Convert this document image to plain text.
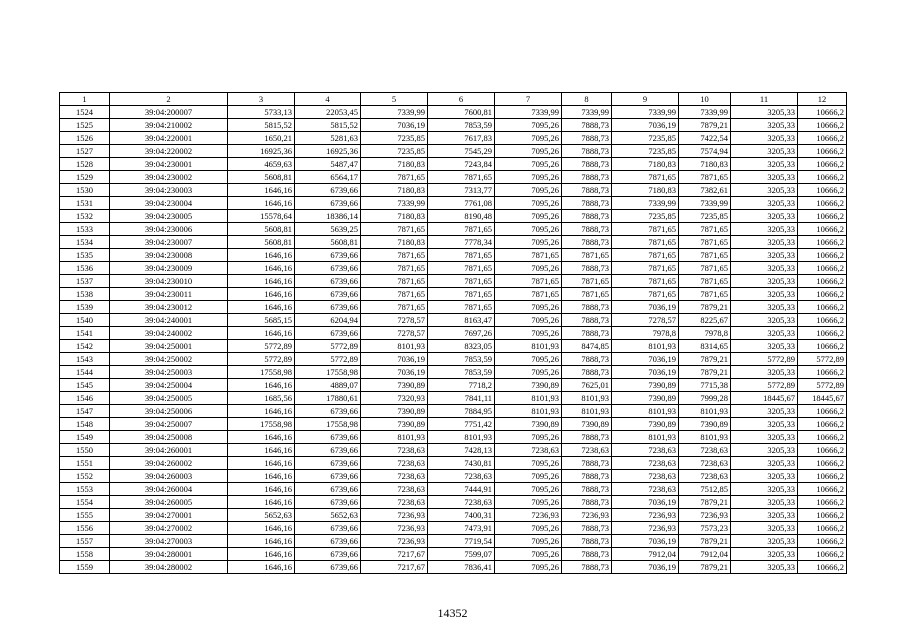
1	2	3	4	5	6	7	8	9	10	11	12
1524	39:04:200007	5733,13	22053,45	7339,99	7600,81	7339,99	7339,99	7339,99	7339,99	3205,33	10666,2
1525	39:04:210002	5815,52	5815,52	7036,19	7853,59	7095,26	7888,73	7036,19	7879,21	3205,33	10666,2
1526	39:04:220001	1650,21	5281,63	7235,85	7617,83	7095,26	7888,73	7235,85	7422,54	3205,33	10666,2
1527	39:04:220002	16925,36	16925,36	7235,85	7545,29	7095,26	7888,73	7235,85	7574,94	3205,33	10666,2
1528	39:04:230001	4659,63	5487,47	7180,83	7243,84	7095,26	7888,73	7180,83	7180,83	3205,33	10666,2
1529	39:04:230002	5608,81	6564,17	7871,65	7871,65	7095,26	7888,73	7871,65	7871,65	3205,33	10666,2
1530	39:04:230003	1646,16	6739,66	7180,83	7313,77	7095,26	7888,73	7180,83	7382,61	3205,33	10666,2
1531	39:04:230004	1646,16	6739,66	7339,99	7761,08	7095,26	7888,73	7339,99	7339,99	3205,33	10666,2
1532	39:04:230005	15578,64	18386,14	7180,83	8190,48	7095,26	7888,73	7235,85	7235,85	3205,33	10666,2
1533	39:04:230006	5608,81	5639,25	7871,65	7871,65	7095,26	7888,73	7871,65	7871,65	3205,33	10666,2
1534	39:04:230007	5608,81	5608,81	7180,83	7778,34	7095,26	7888,73	7871,65	7871,65	3205,33	10666,2
1535	39:04:230008	1646,16	6739,66	7871,65	7871,65	7871,65	7871,65	7871,65	7871,65	3205,33	10666,2
1536	39:04:230009	1646,16	6739,66	7871,65	7871,65	7095,26	7888,73	7871,65	7871,65	3205,33	10666,2
1537	39:04:230010	1646,16	6739,66	7871,65	7871,65	7871,65	7871,65	7871,65	7871,65	3205,33	10666,2
1538	39:04:230011	1646,16	6739,66	7871,65	7871,65	7871,65	7871,65	7871,65	7871,65	3205,33	10666,2
1539	39:04:230012	1646,16	6739,66	7871,65	7871,65	7095,26	7888,73	7036,19	7879,21	3205,33	10666,2
1540	39:04:240001	5685,15	6204,94	7278,57	8163,47	7095,26	7888,73	7278,57	8225,67	3205,33	10666,2
1541	39:04:240002	1646,16	6739,66	7278,57	7697,26	7095,26	7888,73	7978,8	7978,8	3205,33	10666,2
1542	39:04:250001	5772,89	5772,89	8101,93	8323,05	8101,93	8474,85	8101,93	8314,65	3205,33	10666,2
1543	39:04:250002	5772,89	5772,89	7036,19	7853,59	7095,26	7888,73	7036,19	7879,21	5772,89	5772,89
1544	39:04:250003	17558,98	17558,98	7036,19	7853,59	7095,26	7888,73	7036,19	7879,21	3205,33	10666,2
1545	39:04:250004	1646,16	4889,07	7390,89	7718,2	7390,89	7625,01	7390,89	7715,38	5772,89	5772,89
1546	39:04:250005	1685,56	17880,61	7320,93	7841,11	8101,93	8101,93	7390,89	7999,28	18445,67	18445,67
1547	39:04:250006	1646,16	6739,66	7390,89	7884,95	8101,93	8101,93	8101,93	8101,93	3205,33	10666,2
1548	39:04:250007	17558,98	17558,98	7390,89	7751,42	7390,89	7390,89	7390,89	7390,89	3205,33	10666,2
1549	39:04:250008	1646,16	6739,66	8101,93	8101,93	7095,26	7888,73	8101,93	8101,93	3205,33	10666,2
1550	39:04:260001	1646,16	6739,66	7238,63	7428,13	7238,63	7238,63	7238,63	7238,63	3205,33	10666,2
1551	39:04:260002	1646,16	6739,66	7238,63	7430,81	7095,26	7888,73	7238,63	7238,63	3205,33	10666,2
1552	39:04:260003	1646,16	6739,66	7238,63	7238,63	7095,26	7888,73	7238,63	7238,63	3205,33	10666,2
1553	39:04:260004	1646,16	6739,66	7238,63	7444,91	7095,26	7888,73	7238,63	7512,85	3205,33	10666,2
1554	39:04:260005	1646,16	6739,66	7238,63	7238,63	7095,26	7888,73	7036,19	7879,21	3205,33	10666,2
1555	39:04:270001	5652,63	5652,63	7236,93	7400,31	7236,93	7236,93	7236,93	7236,93	3205,33	10666,2
1556	39:04:270002	1646,16	6739,66	7236,93	7473,91	7095,26	7888,73	7236,93	7573,23	3205,33	10666,2
1557	39:04:270003	1646,16	6739,66	7236,93	7719,54	7095,26	7888,73	7036,19	7879,21	3205,33	10666,2
1558	39:04:280001	1646,16	6739,66	7217,67	7599,07	7095,26	7888,73	7912,04	7912,04	3205,33	10666,2
1559	39:04:280002	1646,16	6739,66	7217,67	7836,41	7095,26	7888,73	7036,19	7879,21	3205,33	10666,2
14352
